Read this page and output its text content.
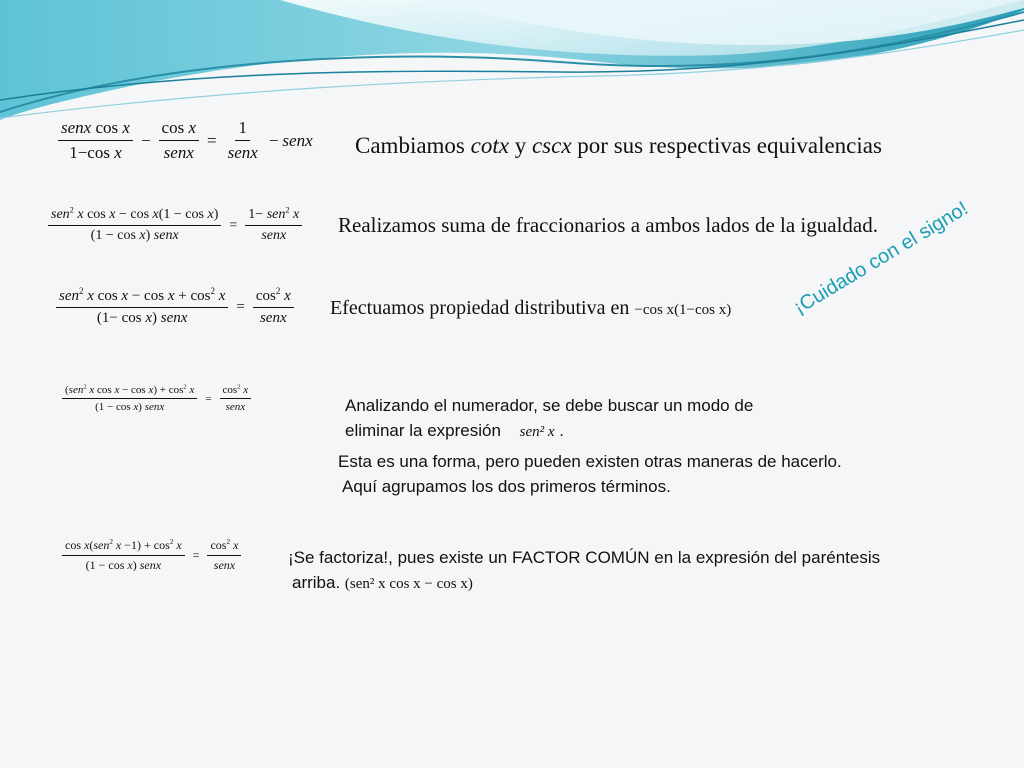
$\frac{\text{senx cos x}}{\text{1−cos x}} - \frac{\text{cos x}}{\text{senx}} = \frac{1}{\text{senx}}$ − senx
$\frac{sen^2 x \cos x - \cos x(1 - \cos x)}{\text{(1 − cos x) senx}} = \frac{1- sen^2 x}{\text{senx}}$
$\frac{sen^2 x \cos x - \cos x + \cos^2 x}{\text{(1− cos x) senx}} = \frac{\cos^2 x}{\text{senx}}$
$\frac{(sen^2 x \cos x - \cos x) + \cos^2 x}{\text{(1 − cos x) senx}} = \frac{\cos^2 x}{\text{senx}}$
$\frac{\cos x(sen^2 x -1) + \cos^2 x}{\text{(1 − cos x) senx}} = \frac{\cos^2 x}{\text{senx}}$
Cambiamos cotx y cscx por sus respectivas equivalencias
Realizamos suma de fraccionarios a ambos lados de la igualdad.
Efectuamos propiedad distributiva en −cos x(1−cos x)
Analizando el numerador, se debe buscar un modo de
eliminar la expresión sen² x .
Esta es una forma, pero pueden existen otras maneras de hacerlo.
Aquí agrupamos los dos primeros términos.
¡Se factoriza!, pues existe un FACTOR COMÚN en la expresión del paréntesis
arriba. (sen² x cos x − cos x)
¡Cuidado con el signo!
